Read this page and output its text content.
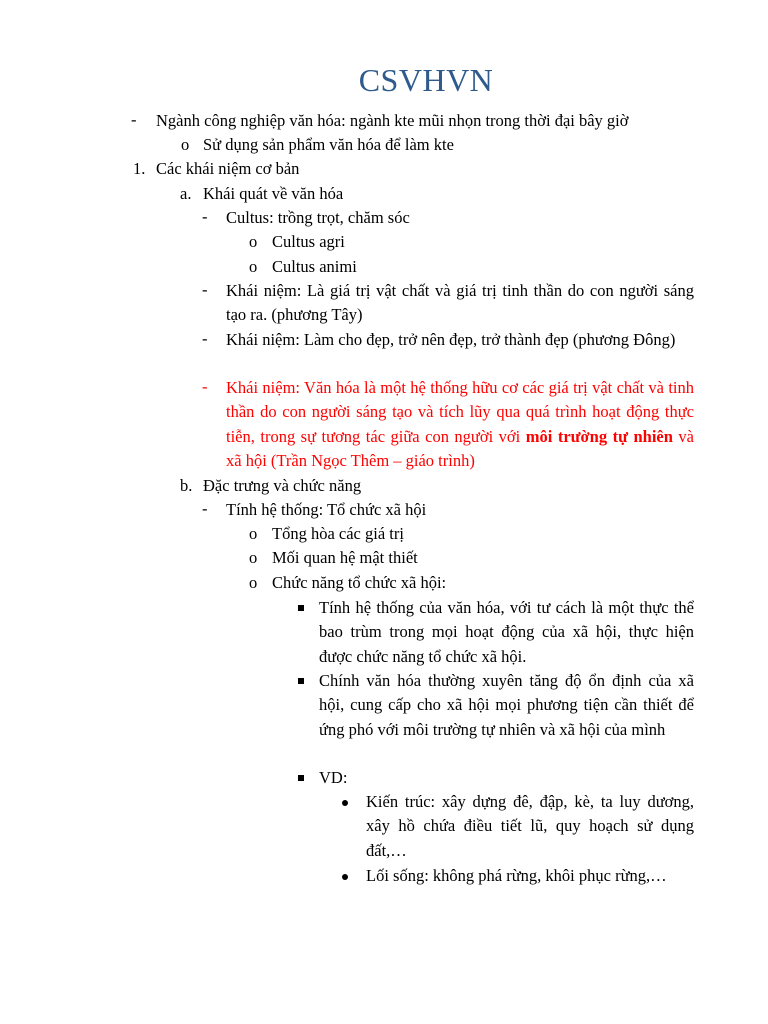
CSVHVN
- Ngành công nghiệp văn hóa: ngành kte mũi nhọn trong thời đại bây giờ
o Sử dụng sản phẩm văn hóa để làm kte
1. Các khái niệm cơ bản
a. Khái quát về văn hóa
- Cultus: trồng trọt, chăm sóc
o Cultus agri
o Cultus animi
- Khái niệm: Là giá trị vật chất và giá trị tinh thần do con người sáng tạo ra. (phương Tây)
- Khái niệm: Làm cho đẹp, trở nên đẹp, trở thành đẹp (phương Đông)
- Khái niệm: Văn hóa là một hệ thống hữu cơ các giá trị vật chất và tinh thần do con người sáng tạo và tích lũy qua quá trình hoạt động thực tiễn, trong sự tương tác giữa con người với môi trường tự nhiên và xã hội (Trần Ngọc Thêm – giáo trình)
b. Đặc trưng và chức năng
- Tính hệ thống: Tổ chức xã hội
o Tổng hòa các giá trị
o Mối quan hệ mật thiết
o Chức năng tổ chức xã hội:
Tính hệ thống của văn hóa, với tư cách là một thực thể bao trùm trong mọi hoạt động của xã hội, thực hiện được chức năng tổ chức xã hội.
Chính văn hóa thường xuyên tăng độ ổn định của xã hội, cung cấp cho xã hội mọi phương tiện cần thiết để ứng phó với môi trường tự nhiên và xã hội của mình
VD:
Kiến trúc: xây dựng đê, đập, kè, ta luy dương, xây hồ chứa điều tiết lũ, quy hoạch sử dụng đất,…
Lối sống: không phá rừng, khôi phục rừng,…
